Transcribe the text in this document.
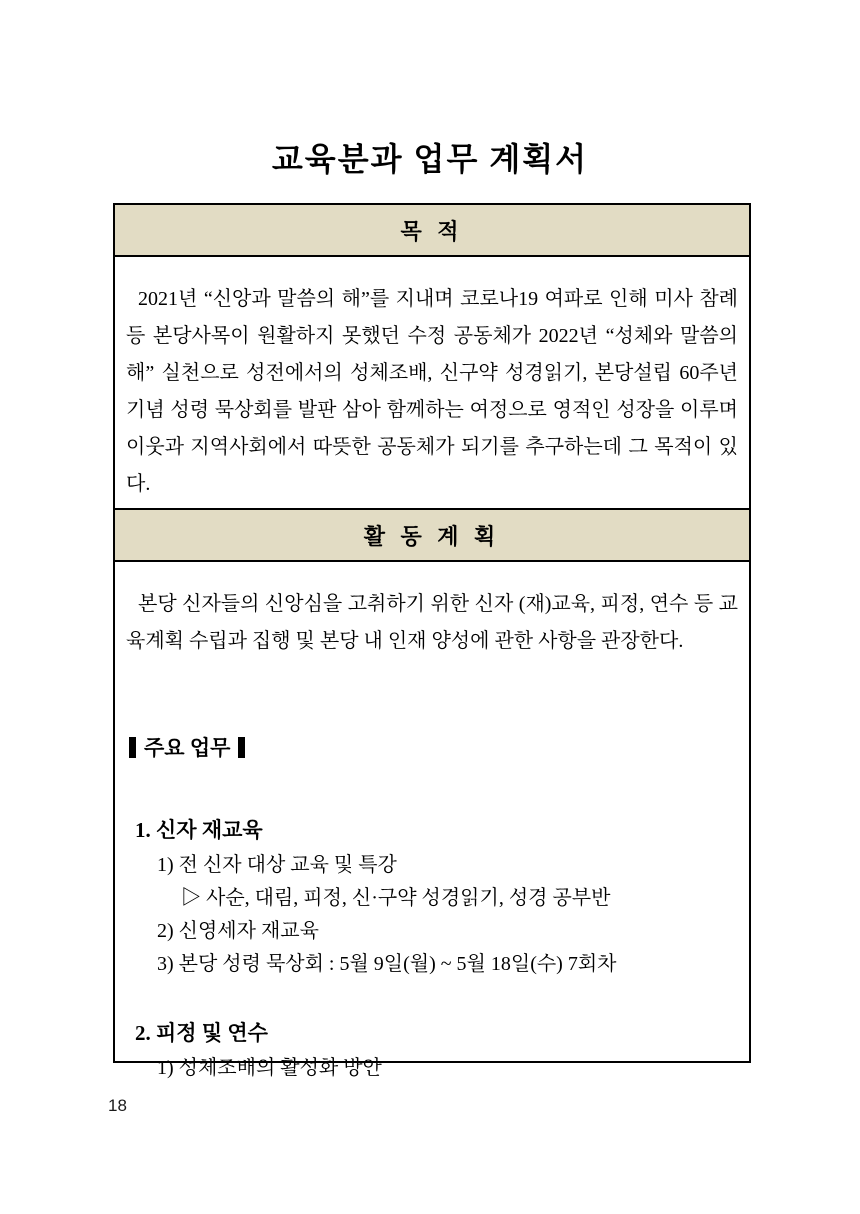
교육분과 업무 계획서
목 적
2021년 “신앙과 말씀의 해”를 지내며 코로나19 여파로 인해 미사 참례 등 본당사목이 원활하지 못했던 수정 공동체가 2022년 “성체와 말씀의 해” 실천으로 성전에서의 성체조배, 신구약 성경읽기, 본당설립 60주년 기념 성령 묵상회를 발판 삼아 함께하는 여정으로 영적인 성장을 이루며 이웃과 지역사회에서 따뜻한 공동체가 되기를 추구하는데 그 목적이 있다.
활 동 계 획
본당 신자들의 신앙심을 고취하기 위한 신자 (재)교육, 피정, 연수 등 교육계획 수립과 집행 및 본당 내 인재 양성에 관한 사항을 관장한다.
주요 업무
1. 신자 재교육
1) 전 신자 대상 교육 및 특강
▷ 사순, 대림, 피정, 신·구약 성경읽기, 성경 공부반
2) 신영세자 재교육
3) 본당 성령 묵상회 : 5월 9일(월) ~ 5월 18일(수) 7회차
2. 피정 및 연수
1) 성체조배의 활성화 방안
18
